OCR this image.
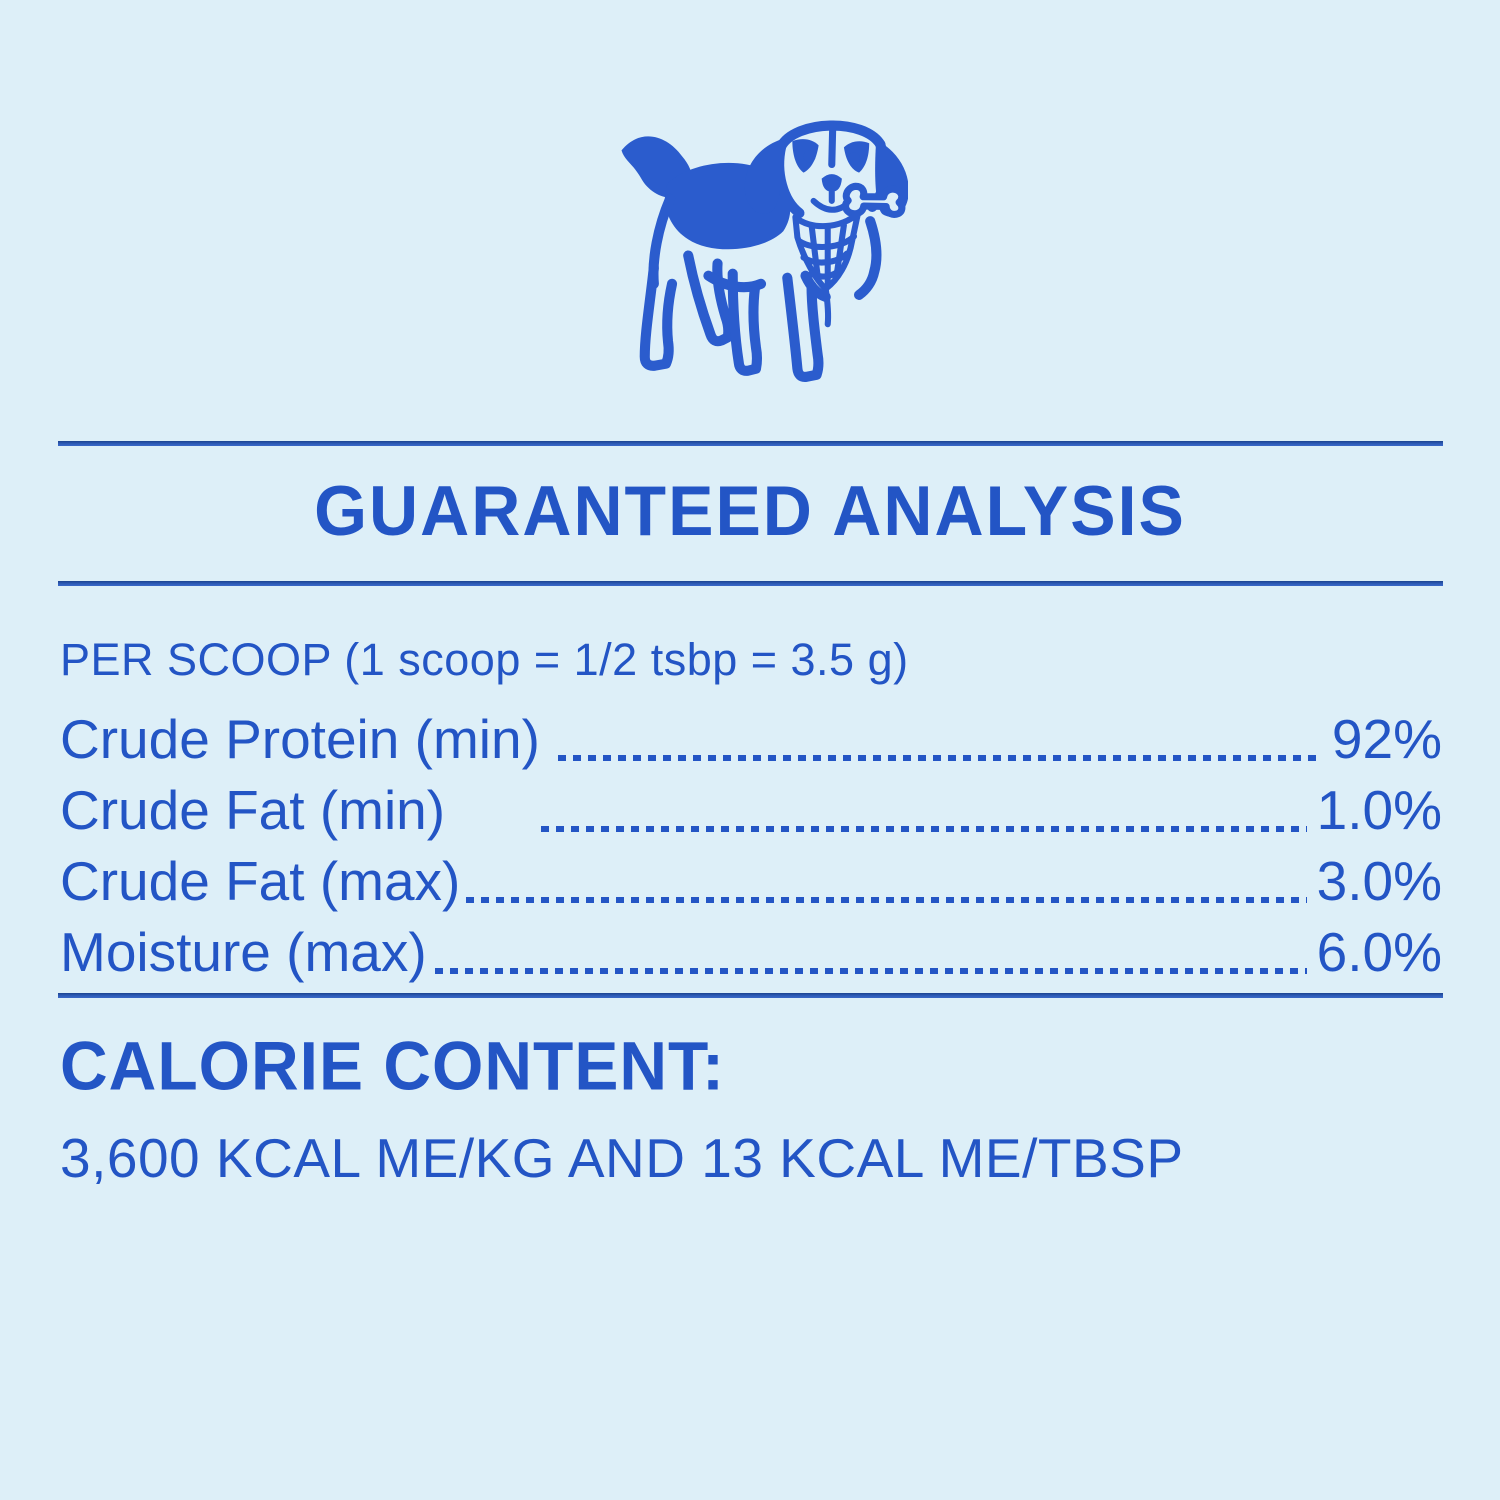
GUARANTEED ANALYSIS
PER SCOOP (1 scoop = 1/2 tsbp = 3.5 g)
Crude Protein (min)	92%
Crude Fat (min)	1.0%
Crude Fat (max)	3.0%
Moisture (max)	6.0%
CALORIE CONTENT:
3,600 KCAL ME/KG AND 13 KCAL ME/TBSP
